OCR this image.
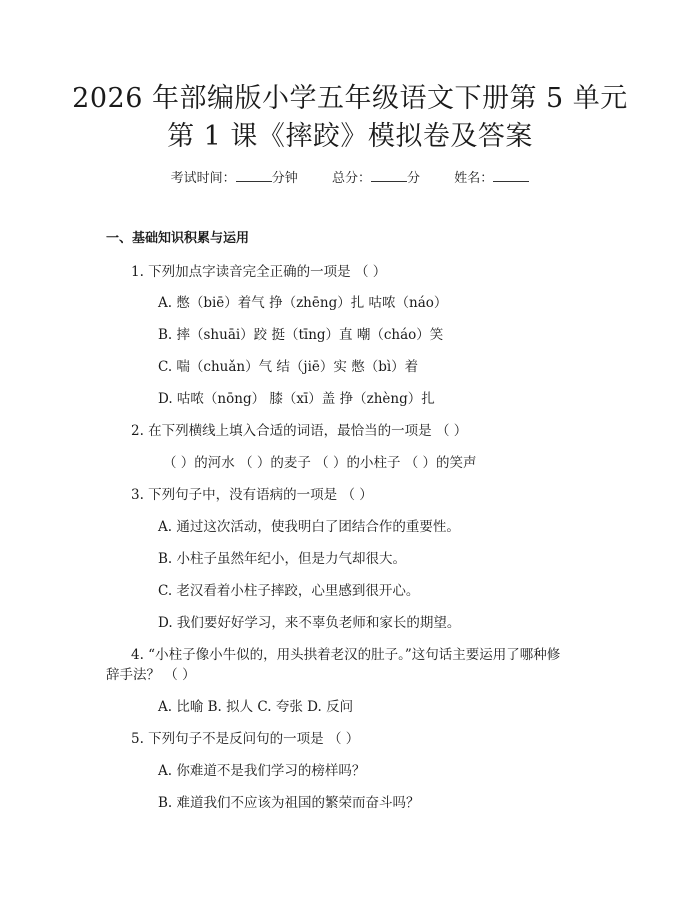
2026 年部编版小学五年级语文下册第 5 单元
第 1 课《摔跤》模拟卷及答案
考试时间：	分钟	总分：	分	姓名：
一、基础知识积累与运用
1. 下列加点字读音完全正确的一项是 （ ）
A. 憋（biē）着气 挣（zhēng）扎 咕哝（náo）
B. 摔（shuāi）跤 挺（tīng）直 嘲（cháo）笑
C. 喘（chuǎn）气 结（jiē）实 憋（bì）着
D. 咕哝（nōng） 膝（xī）盖 挣（zhèng）扎
2. 在下列横线上填入合适的词语，最恰当的一项是 （ ）
（ ）的河水 （ ）的麦子 （ ）的小柱子 （ ）的笑声
3. 下列句子中，没有语病的一项是 （ ）
A. 通过这次活动，使我明白了团结合作的重要性。
B. 小柱子虽然年纪小，但是力气却很大。
C. 老汉看着小柱子摔跤，心里感到很开心。
D. 我们要好好学习，来不辜负老师和家长的期望。
4. “小柱子像小牛似的，用头拱着老汉的肚子。”这句话主要运用了哪种修
辞手法？ （ ）
A. 比喻 B. 拟人 C. 夸张 D. 反问
5. 下列句子不是反问句的一项是 （ ）
A. 你难道不是我们学习的榜样吗？
B. 难道我们不应该为祖国的繁荣而奋斗吗？
